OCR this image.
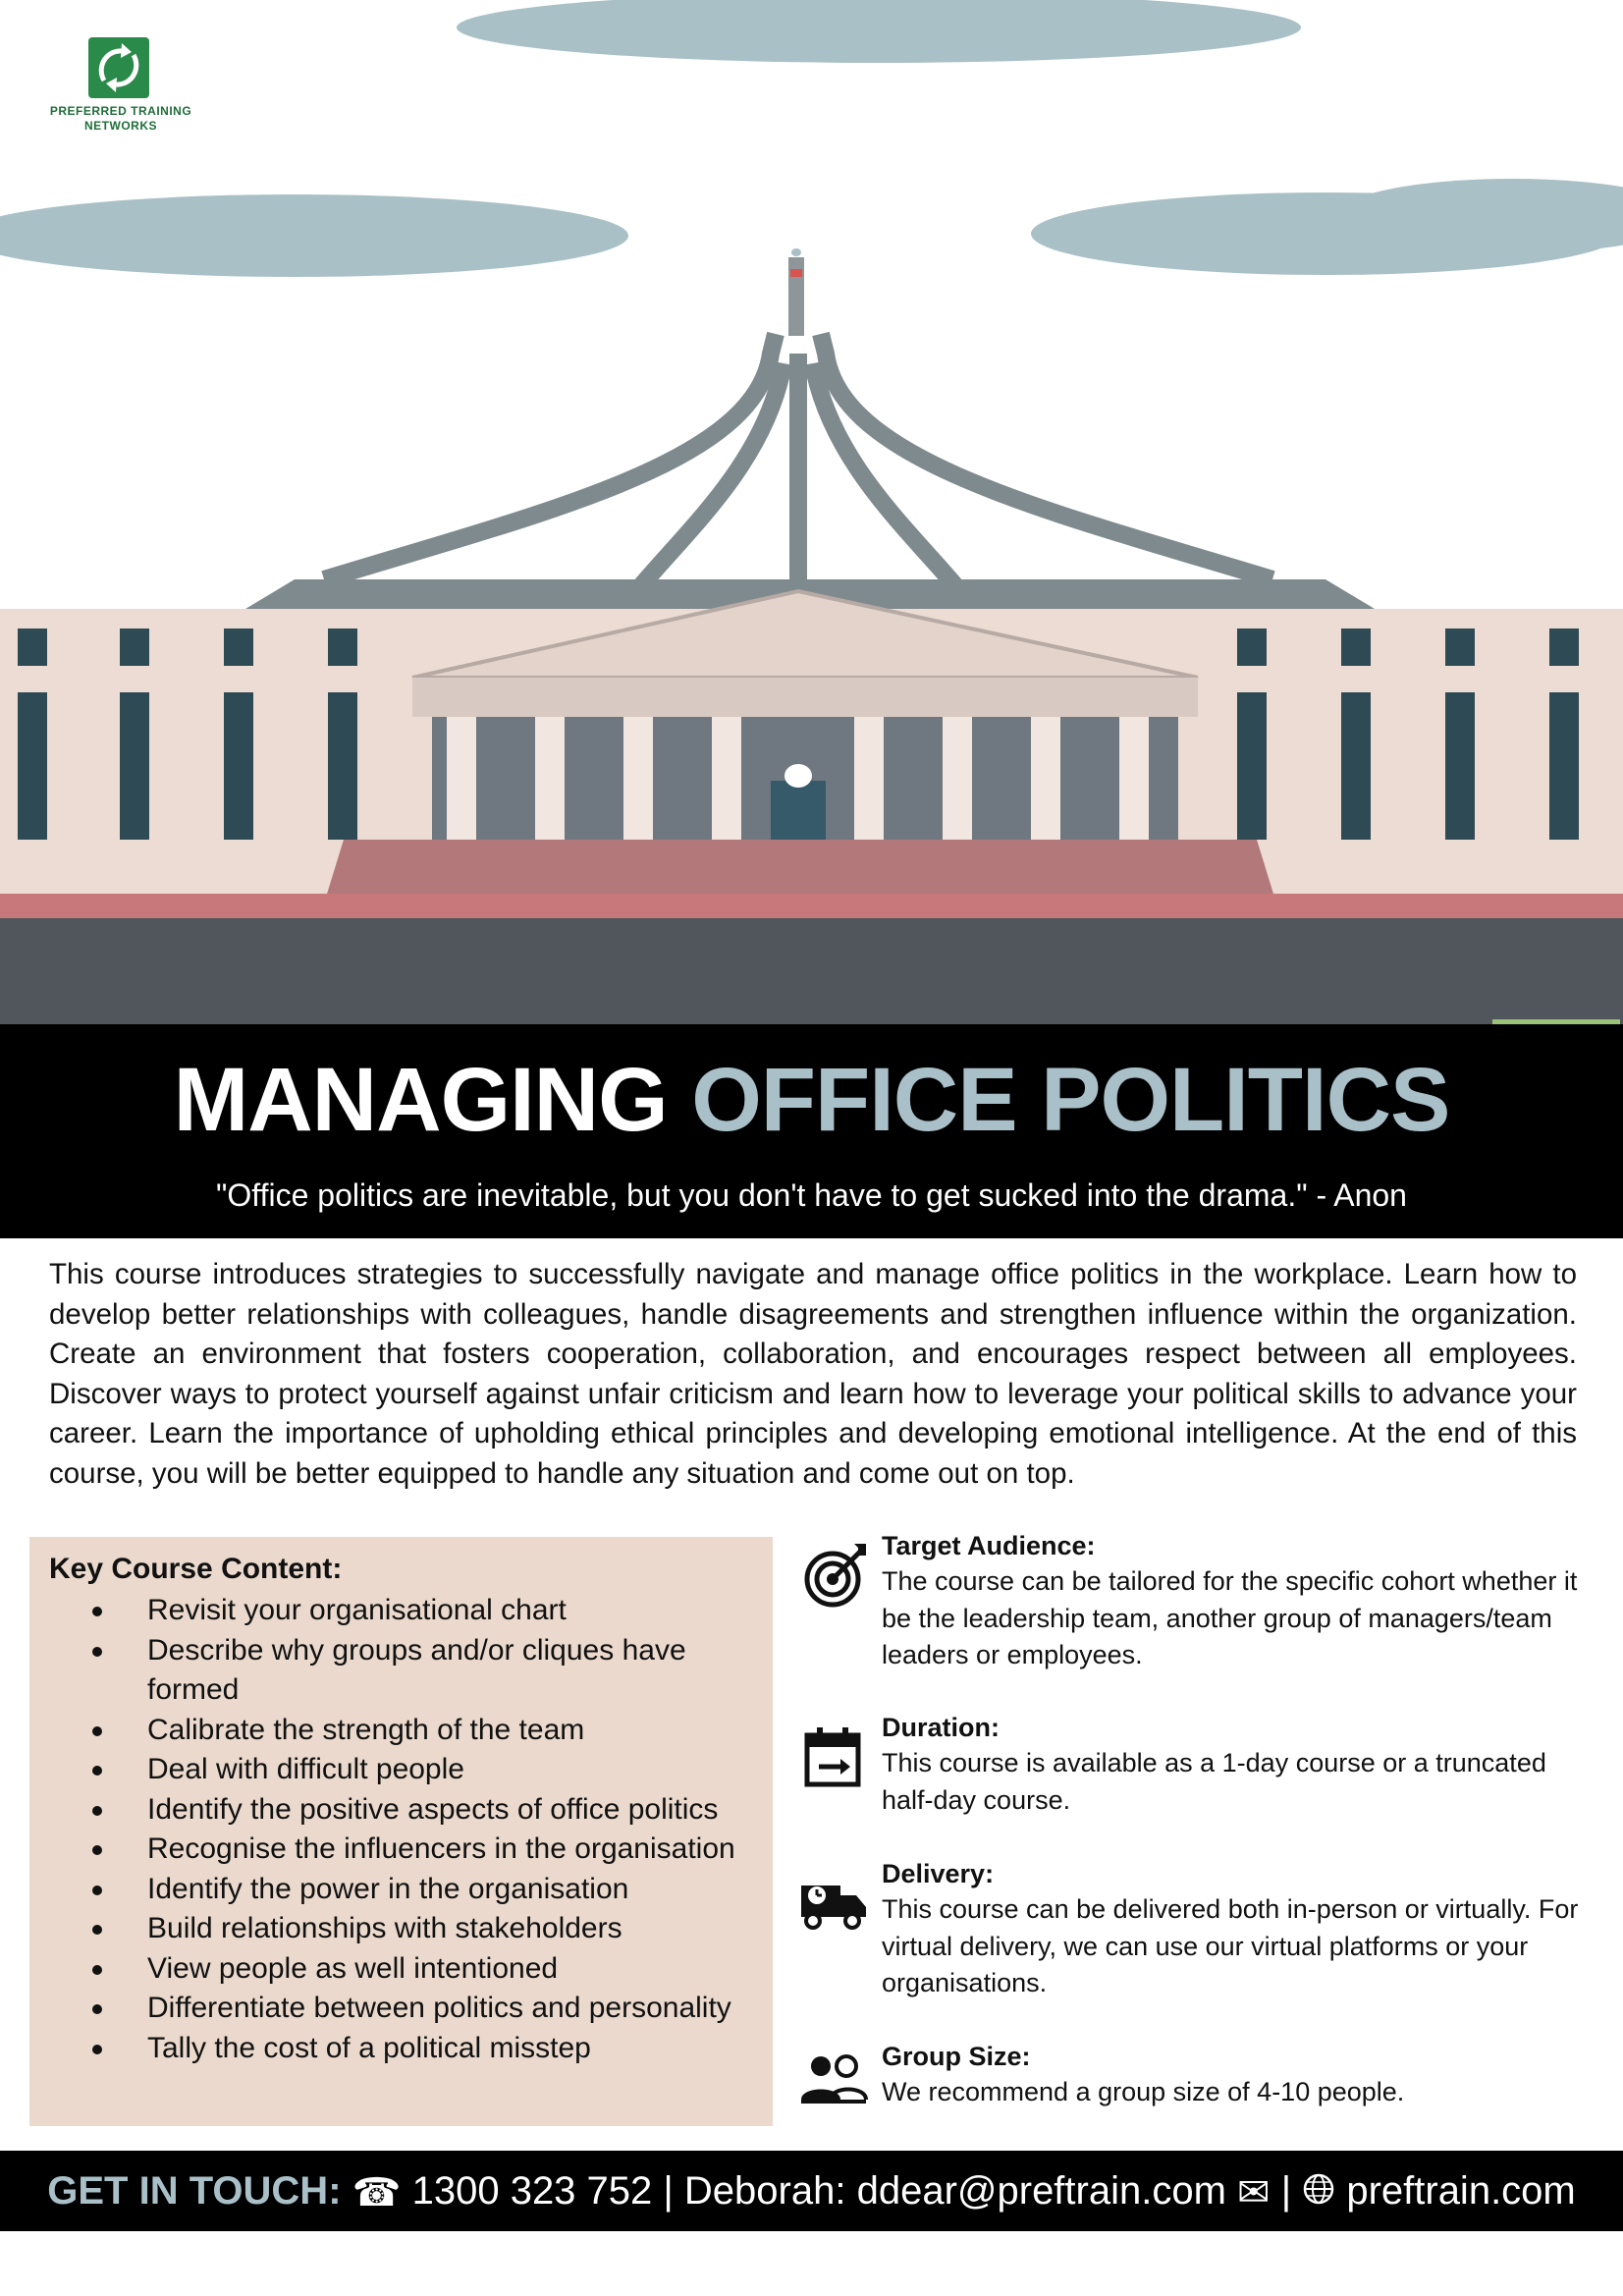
PREFERRED TRAINING
NETWORKS
MANAGING OFFICE POLITICS
"Office politics are inevitable, but you don't have to get sucked into the drama." - Anon
This course introduces strategies to successfully navigate and manage office politics in the workplace. Learn how to develop better relationships with colleagues, handle disagreements and strengthen influence within the organization. Create an environment that fosters cooperation, collaboration, and encourages respect between all employees. Discover ways to protect yourself against unfair criticism and learn how to leverage your political skills to advance your career. Learn the importance of upholding ethical principles and developing emotional intelligence. At the end of this course, you will be better equipped to handle any situation and come out on top.
Key Course Content:
Revisit your organisational chart
Describe why groups and/or cliques have formed
Calibrate the strength of the team
Deal with difficult people
Identify the positive aspects of office politics
Recognise the influencers in the organisation
Identify the power in the organisation
Build relationships with stakeholders
View people as well intentioned
Differentiate between politics and personality
Tally the cost of a political misstep
Target Audience:
The course can be tailored for the specific cohort whether it be the leadership team, another group of managers/team leaders or employees.
Duration:
This course is available as a 1-day course or a truncated half-day course.
Delivery:
This course can be delivered both in-person or virtually. For virtual delivery, we can use our virtual platforms or your organisations.
Group Size:
We recommend a group size of 4-10 people.
GET IN TOUCH: ☎ 1300 323 752 | Deborah: ddear@preftrain.com ✉ | preftrain.com
